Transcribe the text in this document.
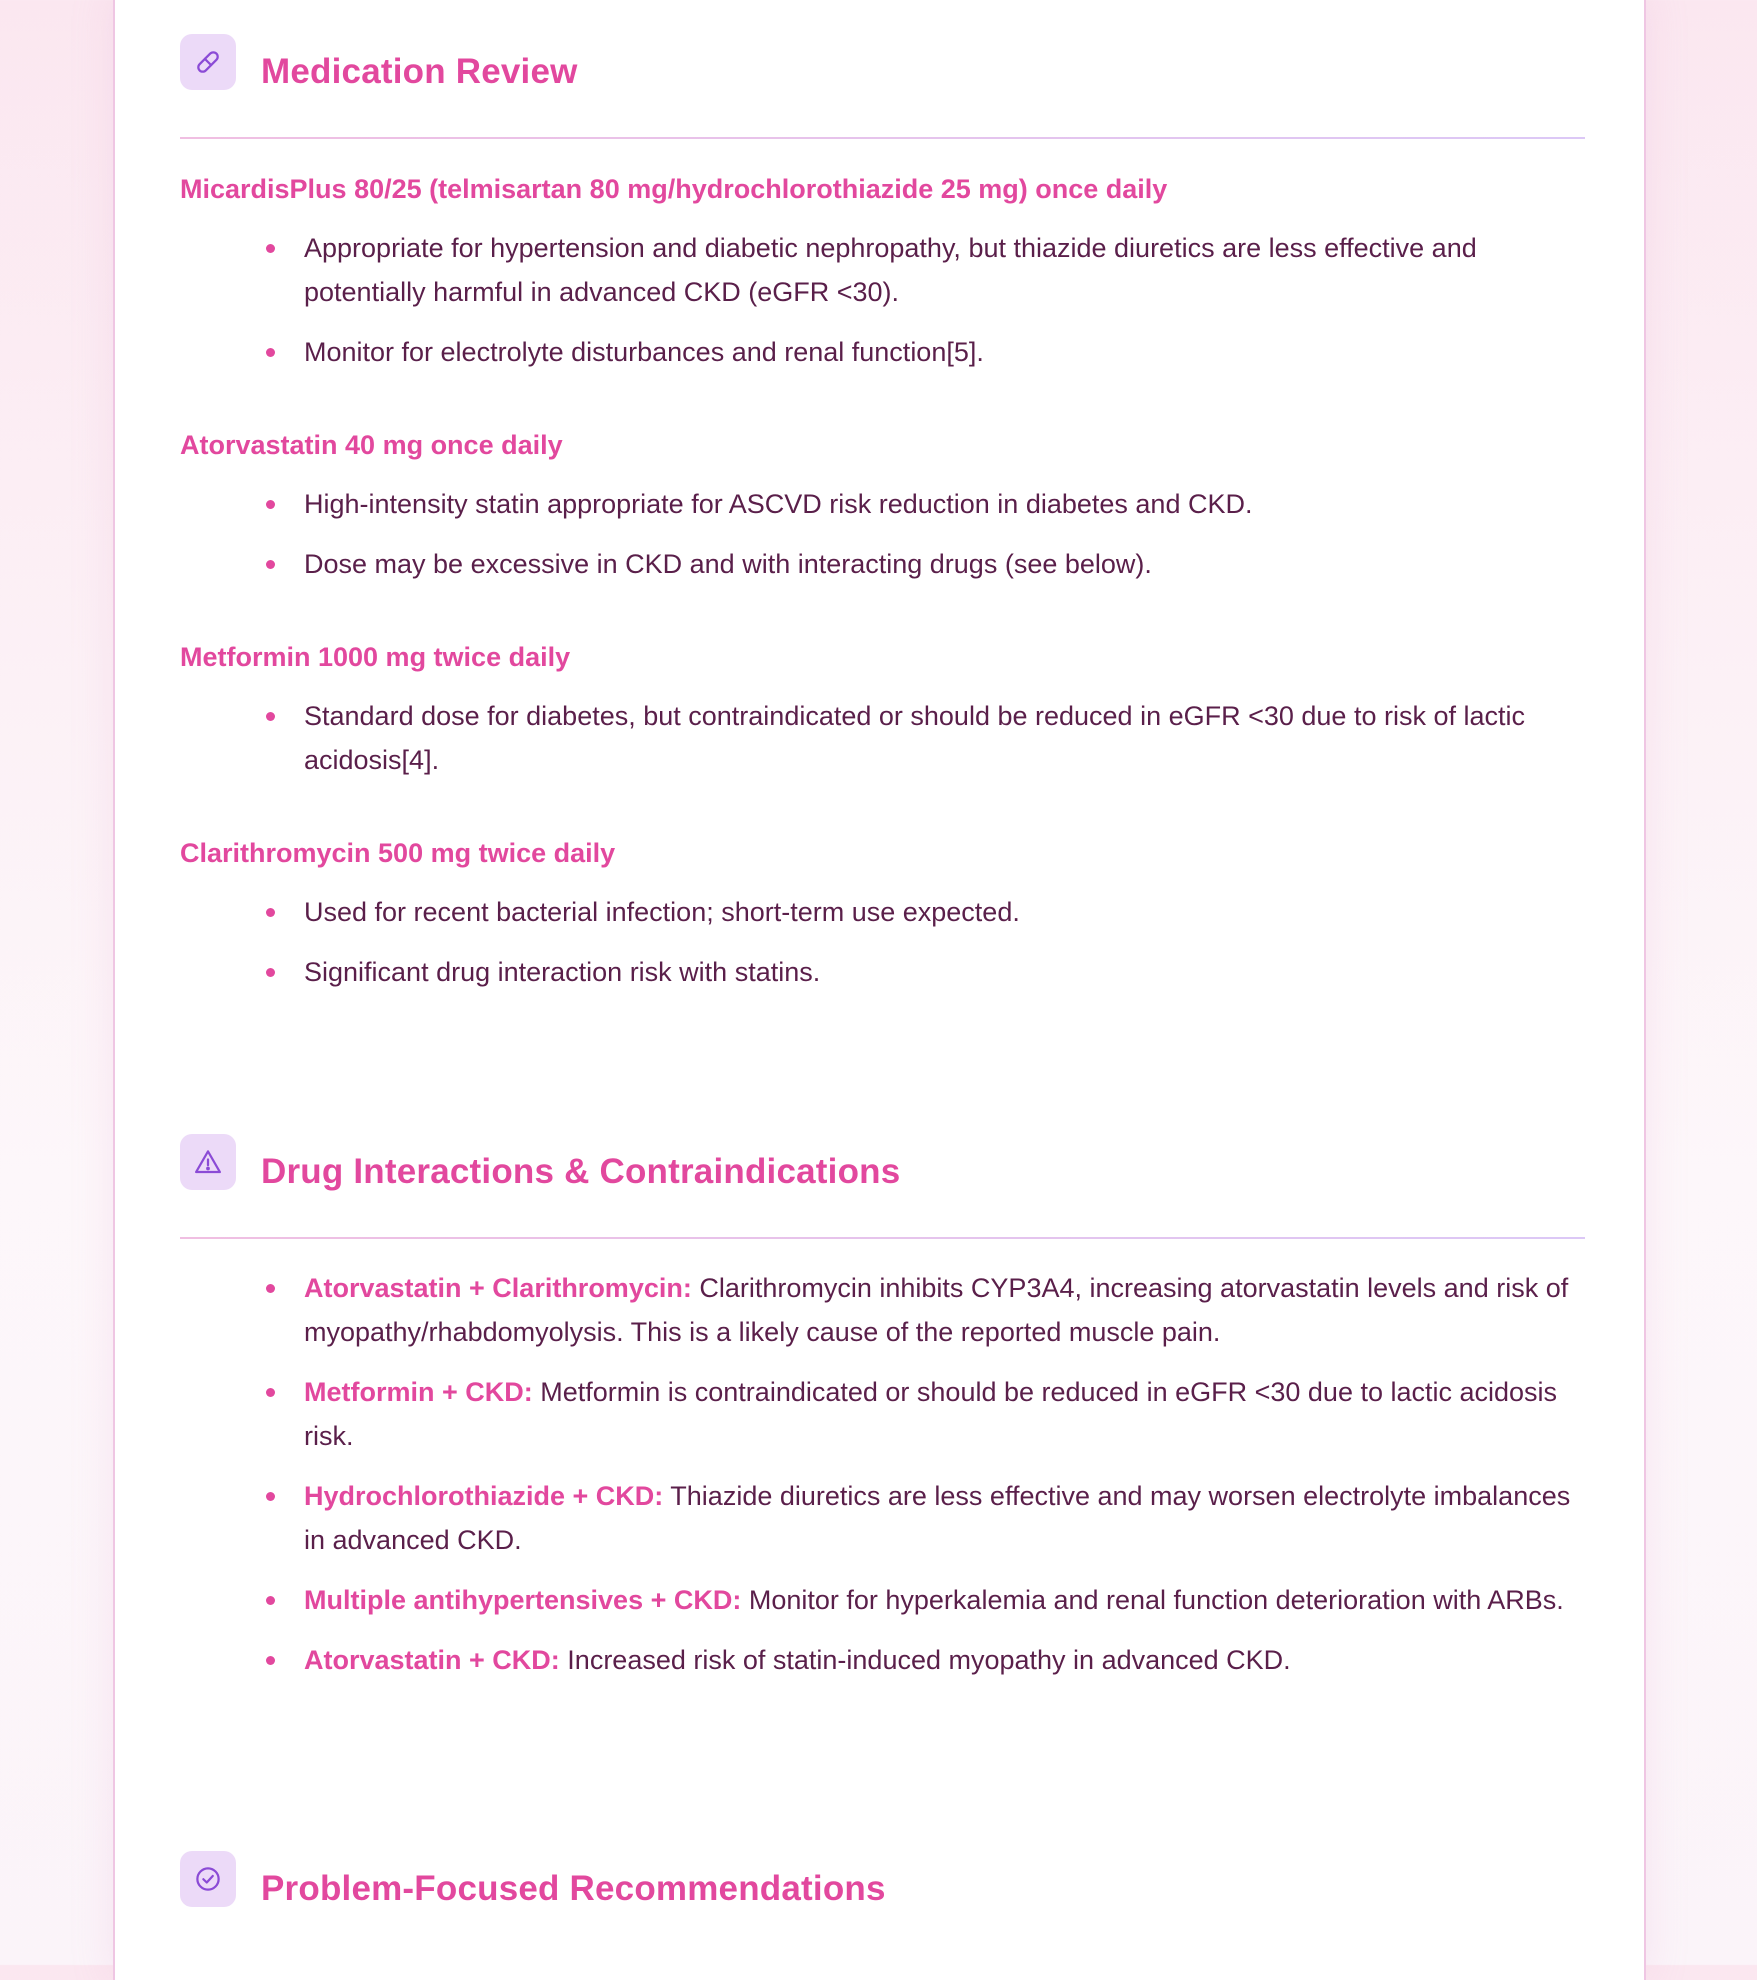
Medication Review
MicardisPlus 80/25 (telmisartan 80 mg/hydrochlorothiazide 25 mg) once daily
Appropriate for hypertension and diabetic nephropathy, but thiazide diuretics are less effective and potentially harmful in advanced CKD (eGFR <30).
Monitor for electrolyte disturbances and renal function[5].
Atorvastatin 40 mg once daily
High-intensity statin appropriate for ASCVD risk reduction in diabetes and CKD.
Dose may be excessive in CKD and with interacting drugs (see below).
Metformin 1000 mg twice daily
Standard dose for diabetes, but contraindicated or should be reduced in eGFR <30 due to risk of lactic acidosis[4].
Clarithromycin 500 mg twice daily
Used for recent bacterial infection; short-term use expected.
Significant drug interaction risk with statins.
Drug Interactions & Contraindications
Atorvastatin + Clarithromycin: Clarithromycin inhibits CYP3A4, increasing atorvastatin levels and risk of myopathy/rhabdomyolysis. This is a likely cause of the reported muscle pain.
Metformin + CKD: Metformin is contraindicated or should be reduced in eGFR <30 due to lactic acidosis risk.
Hydrochlorothiazide + CKD: Thiazide diuretics are less effective and may worsen electrolyte imbalances in advanced CKD.
Multiple antihypertensives + CKD: Monitor for hyperkalemia and renal function deterioration with ARBs.
Atorvastatin + CKD: Increased risk of statin-induced myopathy in advanced CKD.
Problem-Focused Recommendations
